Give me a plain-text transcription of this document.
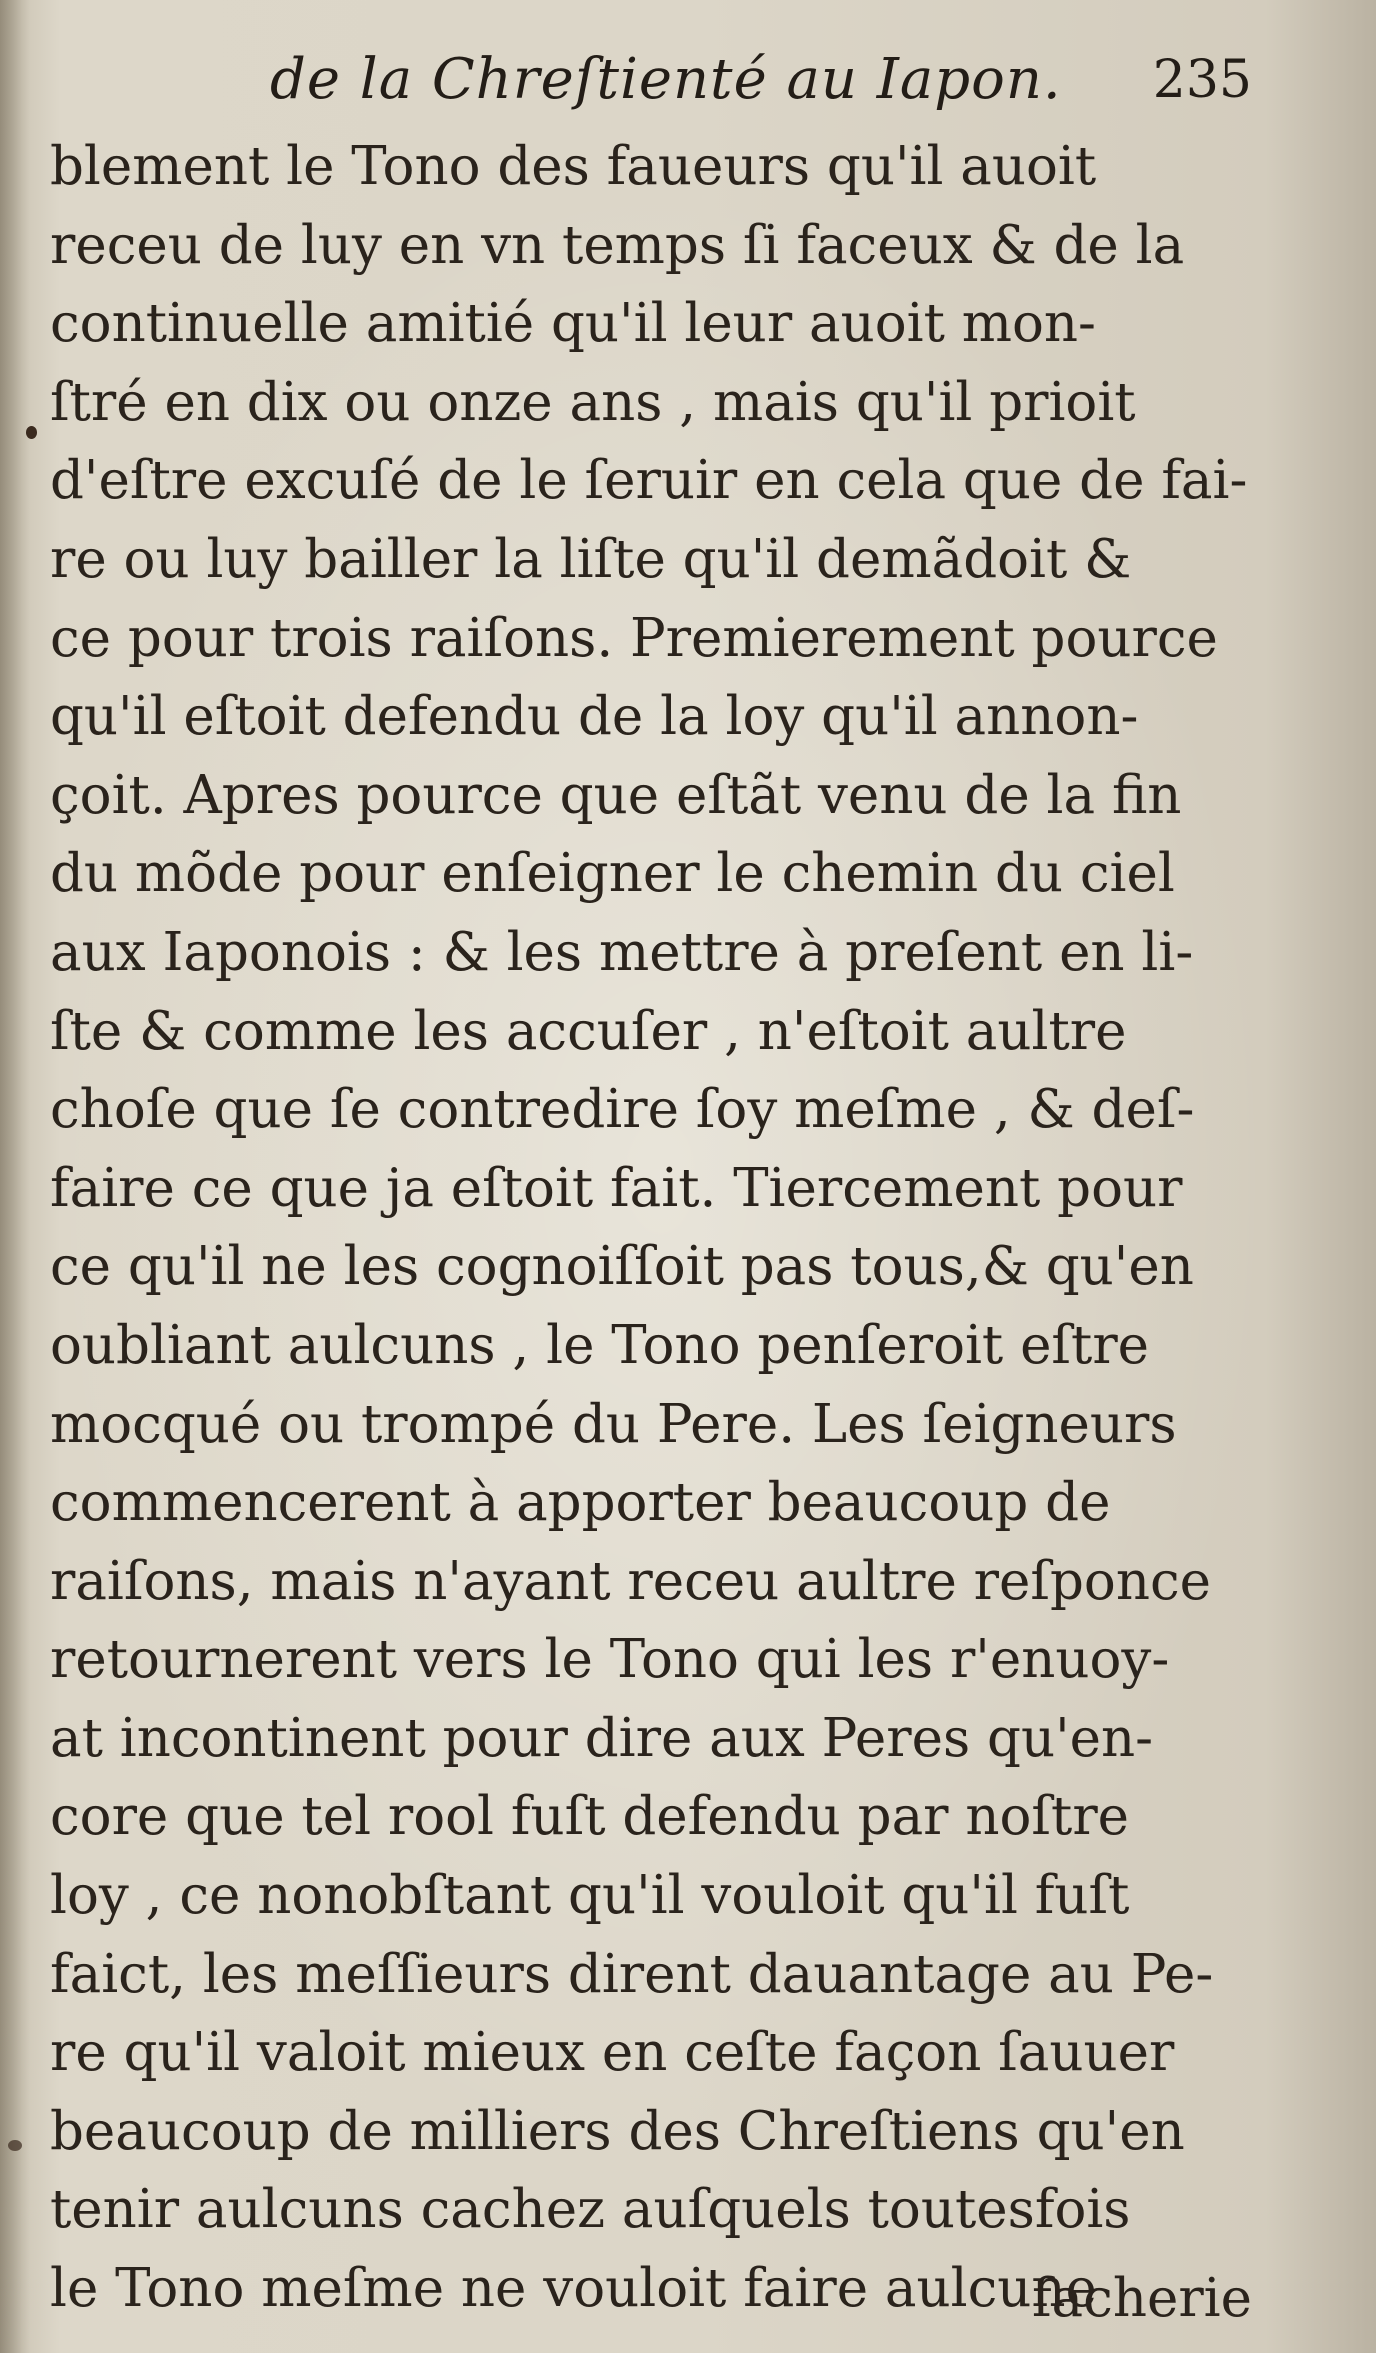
de la Chreſtienté au Iapon. 235
blement le Tono des faueurs qu'il auoit
receu de luy en vn temps ſi faceux & de la
continuelle amitié qu'il leur auoit mon-
ſtré en dix ou onze ans , mais qu'il prioit
d'eſtre excuſé de le ſeruir en cela que de fai-
re ou luy bailler la liſte qu'il demãdoit &
ce pour trois raiſons. Premierement pource
qu'il eſtoit defendu de la loy qu'il annon-
çoit. Apres pource que eſtãt venu de la fin
du mõde pour enſeigner le chemin du ciel
aux Iaponois : & les mettre à preſent en li-
ſte & comme les accuſer , n'eſtoit aultre
choſe que ſe contredire ſoy meſme , & deſ-
faire ce que ja eſtoit fait. Tiercement pour
ce qu'il ne les cognoiſſoit pas tous,& qu'en
oubliant aulcuns , le Tono penſeroit eſtre
mocqué ou trompé du Pere. Les ſeigneurs
commencerent à apporter beaucoup de
raiſons, mais n'ayant receu aultre reſponce
retournerent vers le Tono qui les r'enuoy-
at incontinent pour dire aux Peres qu'en-
core que tel rool fuſt defendu par noſtre
loy , ce nonobſtant qu'il vouloit qu'il fuſt
faict, les meſſieurs dirent dauantage au Pe-
re qu'il valoit mieux en ceſte façon ſauuer
beaucoup de milliers des Chreſtiens qu'en
tenir aulcuns cachez auſquels toutesfois
le Tono meſme ne vouloit faire aulcune
facherie
